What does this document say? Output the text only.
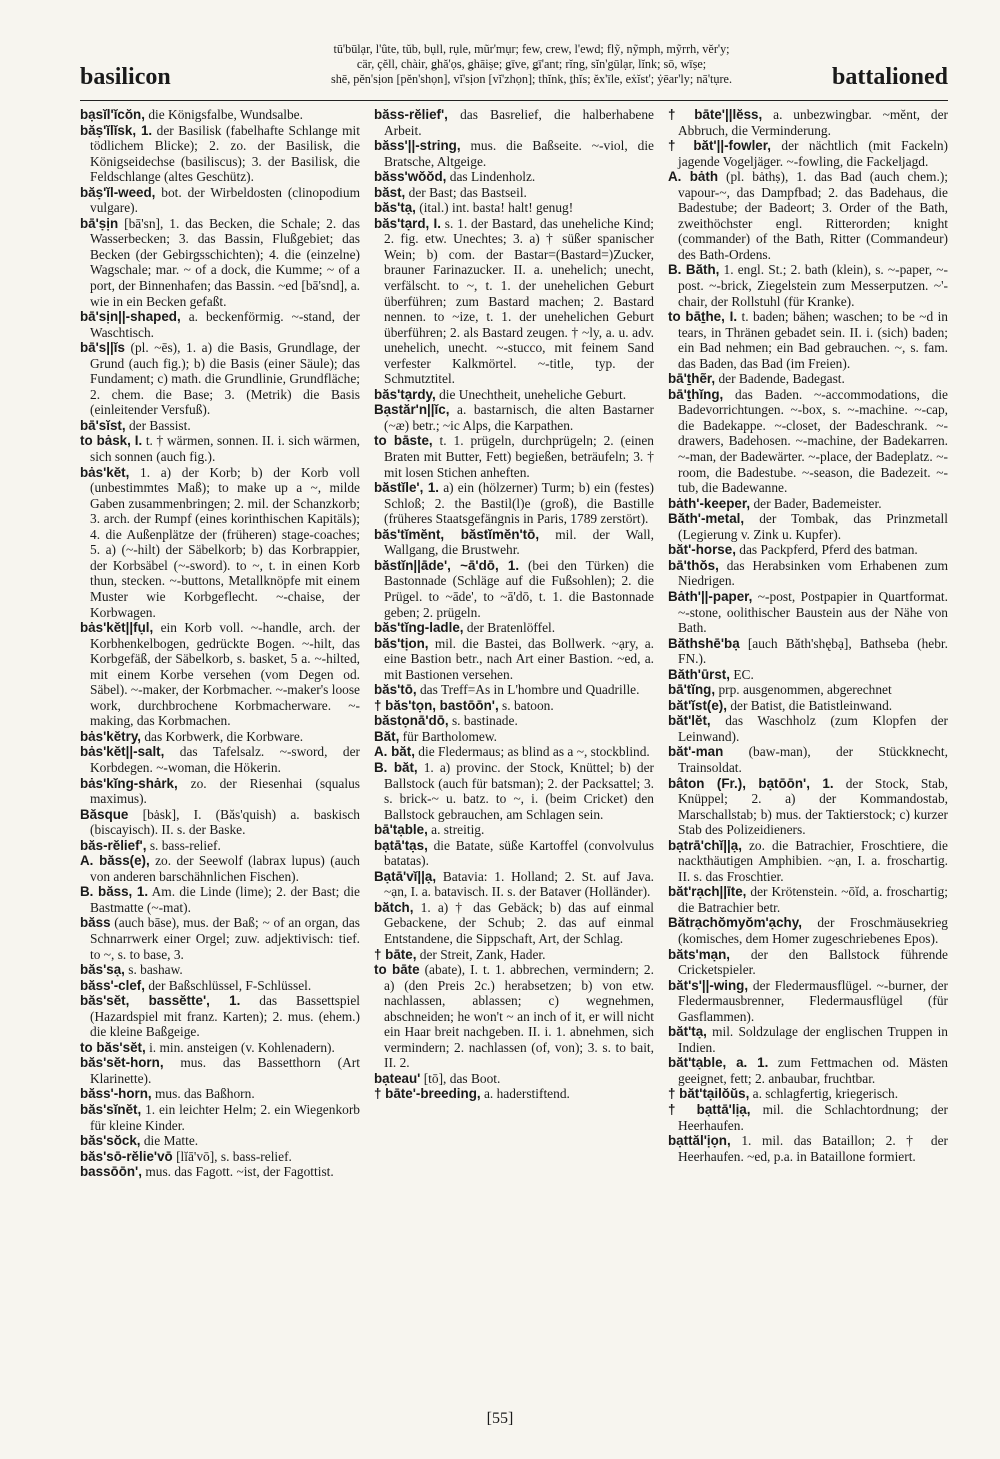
basilicon
tū'būlạr, l'ûte, tŭb, bụll, rụle, mũr'mụr; few, crew, l'ewd; flỹ, nỹmph, mỹrrh, vĕr'y;
cär, çĕll, chàir, ǥhă'ọs, ǥhāiṣe; ǥīve, ǥī'ant; rĭng, sĭn'gūlạr, lĭnk; sō, wīṣe;
shē, pĕn'sịon [pĕn'shọn], vĭ'sịon [vĭ'zhọn]; thĭnk, ṯhĭs; ĕx'īle, eẋĭst'; ẏēar'ly; nā'tụre.	battalioned

bạsĭl'ĭcŏn, die Königsfalbe, Wundsalbe.

băṣ'ĭlĭsk, 1. der Basilisk (fabelhafte Schlange mit tödlichem Blicke); 2. zo. der Basilisk, die Königseidechse (basiliscus); 3. der Basilisk, die Feldschlange (altes Geschütz).

băṣ'ĭl-weed, bot. der Wirbeldosten (clinopodium vulgare).

bā'ṣịn [bā'sn], 1. das Becken, die Schale; 2. das Wasserbecken; 3. das Bassin, Flußgebiet; das Becken (der Gebirgsschichten); 4. die (einzelne) Wagschale; mar. ~ of a dock, die Kumme; ~ of a port, der Binnenhafen; das Bassin. ~ed [bā'snd], a. wie in ein Becken gefaßt.

bā'sịn||-shaped, a. beckenförmig. ~-stand, der Waschtisch.

bā's||ĭs (pl. ~ēs), 1. a) die Basis, Grundlage, der Grund (auch fig.); b) die Basis (einer Säule); das Fundament; c) math. die Grundlinie, Grundfläche; 2. chem. die Base; 3. (Metrik) die Basis (einleitender Versfuß).

bā'sĭst, der Bassist.

to bȧsk, I. t. † wärmen, sonnen. II. i. sich wärmen, sich sonnen (auch fig.).

bȧs'kĕt, 1. a) der Korb; b) der Korb voll (unbestimmtes Maß); to make up a ~, milde Gaben zusammenbringen; 2. mil. der Schanzkorb; 3. arch. der Rumpf (eines korinthischen Kapitäls); 4. die Außenplätze der (früheren) stage-coaches; 5. a) (~-hilt) der Säbelkorb; b) das Korbrappier, der Korbsäbel (~-sword). to ~, t. in einen Korb thun, stecken. ~-buttons, Metallknöpfe mit einem Muster wie Korbgeflecht. ~-chaise, der Korbwagen.

bȧs'kĕt||fụl, ein Korb voll. ~-handle, arch. der Korbhenkelbogen, gedrückte Bogen. ~-hilt, das Korbgefäß, der Säbelkorb, s. basket, 5 a. ~-hilted, mit einem Korbe versehen (vom Degen od. Säbel). ~-maker, der Korbmacher. ~-maker's loose work, durchbrochene Korbmacherware. ~-making, das Korbmachen.

bȧs'kĕtry, das Korbwerk, die Korbware.

bȧs'kĕt||-salt, das Tafelsalz. ~-sword, der Korbdegen. ~-woman, die Hökerin.

bȧs'kĭng-shȧrk, zo. der Riesenhai (squalus maximus).

Băsque [bȧsk], I. (Băs'quish) a. baskisch (biscayisch). II. s. der Baske.

băs-rĕlief', s. bass-relief.

A. băss(e), zo. der Seewolf (labrax lupus) (auch von anderen barschähnlichen Fischen).

B. băss, 1. Am. die Linde (lime); 2. der Bast; die Bastmatte (~-mat).

băss (auch bāse), mus. der Baß; ~ of an organ, das Schnarrwerk einer Orgel; zuw. adjektivisch: tief. to ~, s. to base, 3.

băs'sạ, s. bashaw.

băss'-clef, der Baßschlüssel, F-Schlüssel.

băs'sĕt, bassĕtte', 1. das Bassettspiel (Hazardspiel mit franz. Karten); 2. mus. (ehem.) die kleine Baßgeige.

to băs'sĕt, i. min. ansteigen (v. Kohlenadern).

băs'sĕt-horn, mus. das Bassetthorn (Art Klarinette).

băss'-horn, mus. das Baßhorn.

băs'sĭnĕt, 1. ein leichter Helm; 2. ein Wiegenkorb für kleine Kinder.

băs'sŏck, die Matte.

băs'sō-rĕlie'vō [lĭā'vō], s. bass-relief.

bassōōn', mus. das Fagott. ~ist, der Fagottist.

băss-rĕlief', das Basrelief, die halberhabene Arbeit.

băss'||-string, mus. die Baßseite. ~-viol, die Bratsche, Altgeige.

băss'wŏŏd, das Lindenholz.

băst, der Bast; das Bastseil.

băs'tạ, (ital.) int. basta! halt! genug!

băs'tạrd, I. s. 1. der Bastard, das uneheliche Kind; 2. fig. etw. Unechtes; 3. a) † süßer spanischer Wein; b) com. der Bastar=(Bastard=)Zucker, brauner Farinazucker. II. a. unehelich; unecht, verfälscht. to ~, t. 1. der unehelichen Geburt überführen; zum Bastard machen; 2. Bastard nennen. to ~ize, t. 1. der unehelichen Geburt überführen; 2. als Bastard zeugen. † ~ly, a. u. adv. unehelich, unecht. ~-stucco, mit feinem Sand verfester Kalkmörtel. ~-title, typ. der Schmutztitel.

băs'tạrdy, die Unechtheit, uneheliche Geburt.

Bạstăr'n||ĭc, a. bastarnisch, die alten Bastarner (~æ) betr.; ~ic Alps, die Karpathen.

to bāste, t. 1. prügeln, durchprügeln; 2. (einen Braten mit Butter, Fett) begießen, beträufeln; 3. † mit losen Stichen anheften.

băstĭle', 1. a) ein (hölzerner) Turm; b) ein (festes) Schloß; 2. the Bastil(l)e (groß), die Bastille (früheres Staatsgefängnis in Paris, 1789 zerstört).

băs'tĭmĕnt, băstĭmĕn'tō, mil. der Wall, Wallgang, die Brustwehr.

băstĭn||āde', ~ā'dō, 1. (bei den Türken) die Bastonnade (Schläge auf die Fußsohlen); 2. die Prügel. to ~āde', to ~ā'dō, t. 1. die Bastonnade geben; 2. prügeln.

băs'tĭng-ladle, der Bratenlöffel.

băs'tịon, mil. die Bastei, das Bollwerk. ~ạry, a. eine Bastion betr., nach Art einer Bastion. ~ed, a. mit Bastionen versehen.

băs'tō, das Treff=As in L'hombre und Quadrille.

† băs'tọn, bastōōn', s. batoon.

băstọnā'dō, s. bastinade.

Băt, für Bartholomew.

A. băt, die Fledermaus; as blind as a ~, stockblind.

B. băt, 1. a) provinc. der Stock, Knüttel; b) der Ballstock (auch für batsman); 2. der Packsattel; 3. s. brick-~ u. batz. to ~, i. (beim Cricket) den Ballstock gebrauchen, am Schlagen sein.

bā'tạble, a. streitig.

bạtā'tạs, die Batate, süße Kartoffel (convolvulus batatas).

Bạtā'vĭ||ạ, Batavia: 1. Holland; 2. St. auf Java. ~ạn, I. a. batavisch. II. s. der Bataver (Holländer).

bătch, 1. a) † das Gebäck; b) das auf einmal Gebackene, der Schub; 2. das auf einmal Entstandene, die Sippschaft, Art, der Schlag.

† bāte, der Streit, Zank, Hader.

to bāte (abate), I. t. 1. abbrechen, vermindern; 2. a) (den Preis 2c.) herabsetzen; b) von etw. nachlassen, ablassen; c) wegnehmen, abschneiden; he won't ~ an inch of it, er will nicht ein Haar breit nachgeben. II. i. 1. abnehmen, sich vermindern; 2. nachlassen (of, von); 3. s. to bait, II. 2.

bạteau' [tō], das Boot.

† bāte'-breeding, a. haderstiftend.

† bāte'||lĕss, a. unbezwingbar. ~mĕnt, der Abbruch, die Verminderung.

† băt'||-fowler, der nächtlich (mit Fackeln) jagende Vogeljäger. ~-fowling, die Fackeljagd.

A. bȧth (pl. bȧthṣ), 1. das Bad (auch chem.); vapour-~, das Dampfbad; 2. das Badehaus, die Badestube; der Badeort; 3. Order of the Bath, zweithöchster engl. Ritterorden; knight (commander) of the Bath, Ritter (Commandeur) des Bath-Ordens.

B. Băth, 1. engl. St.; 2. bath (klein), s. ~-paper, ~-post. ~-brick, Ziegelstein zum Messerputzen. ~'-chair, der Rollstuhl (für Kranke).

to bāṯhe, I. t. baden; bähen; waschen; to be ~d in tears, in Thränen gebadet sein. II. i. (sich) baden; ein Bad nehmen; ein Bad gebrauchen. ~, s. fam. das Baden, das Bad (im Freien).

bā'ṯhẽr, der Badende, Badegast.

bā'ṯhĭng, das Baden. ~-accommodations, die Badevorrichtungen. ~-box, s. ~-machine. ~-cap, die Badekappe. ~-closet, der Badeschrank. ~-drawers, Badehosen. ~-machine, der Badekarren. ~-man, der Badewärter. ~-place, der Badeplatz. ~-room, die Badestube. ~-season, die Badezeit. ~-tub, die Badewanne.

bȧth'-keeper, der Bader, Bademeister.

Băth'-metal, der Tombak, das Prinzmetall (Legierung v. Zink u. Kupfer).

băt'-horse, das Packpferd, Pferd des batman.

bā'thŏs, das Herabsinken vom Erhabenen zum Niedrigen.

Bȧth'||-paper, ~-post, Postpapier in Quartformat. ~-stone, oolithischer Baustein aus der Nähe von Bath.

Băthshē'bạ [auch Băth'shębạ], Bathseba (hebr. FN.).

Băth'ūrst, EC.

bā'tĭng, prp. ausgenommen, abgerechnet

băt'ĭst(e), der Batist, die Batistleinwand.

băt'lĕt, das Waschholz (zum Klopfen der Leinwand).

băt'-man (baw-man), der Stückknecht, Trainsoldat.

bâton (Fr.), bạtōōn', 1. der Stock, Stab, Knüppel; 2. a) der Kommandostab, Marschallstab; b) mus. der Taktierstock; c) kurzer Stab des Polizeidieners.

bạtrā'chĭ||ạ, zo. die Batrachier, Froschtiere, die nackthäutigen Amphibien. ~ạn, I. a. froschartig. II. s. das Froschtier.

băt'rạch||īte, der Krötenstein. ~ōĭd, a. froschartig; die Batrachier betr.

Bătrạchŏmyŏm'ạchy, der Froschmäusekrieg (komisches, dem Homer zugeschriebenes Epos).

băts'mạn, der den Ballstock führende Cricketspieler.

băt's'||-wing, der Fledermausflügel. ~-burner, der Fledermausbrenner, Fledermausflügel (für Gasflammen).

băt'tạ, mil. Soldzulage der englischen Truppen in Indien.

băt'tạble, a. 1. zum Fettmachen od. Mästen geeignet, fett; 2. anbaubar, fruchtbar.

† băt'tạilŏŭs, a. schlagfertig, kriegerisch.

† bạttā'lịạ, mil. die Schlachtordnung; der Heerhaufen.

bạttăl'ịọn, 1. mil. das Bataillon; 2. † der Heerhaufen. ~ed, p.a. in Bataillone formiert.

[55]
